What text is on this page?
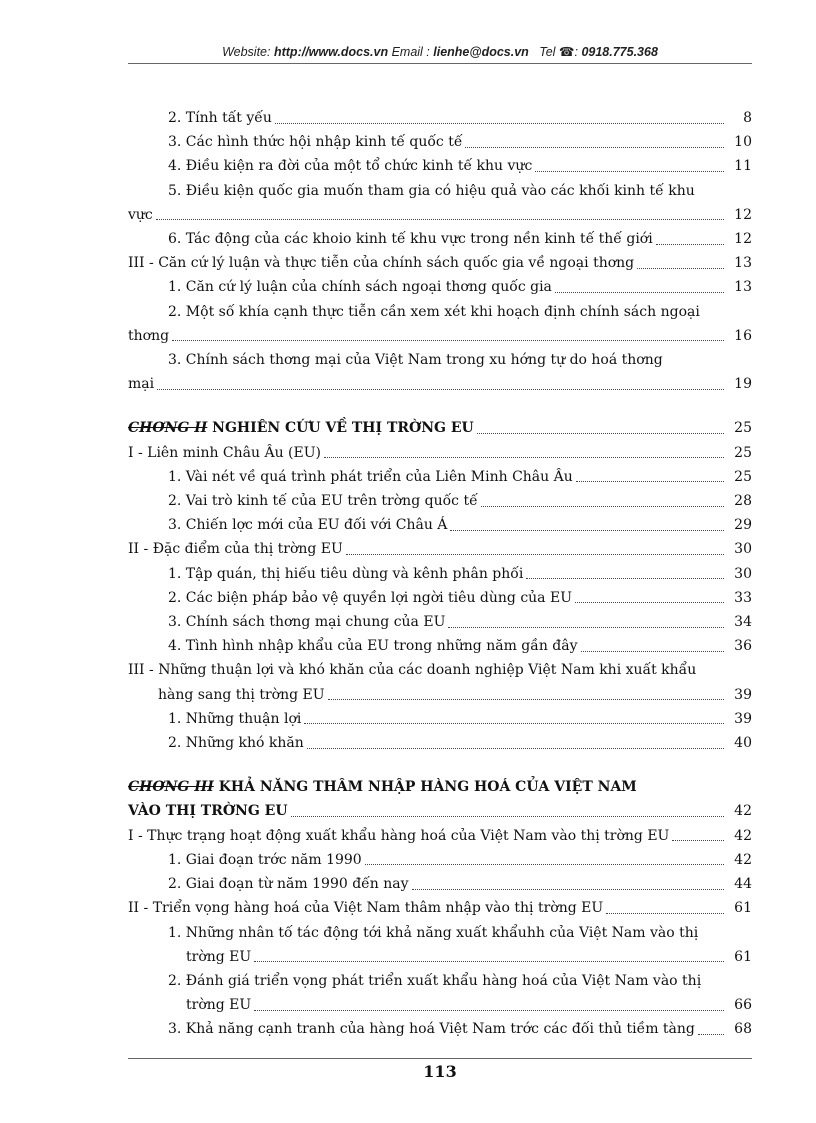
Website: http://www.docs.vn Email : lienhe@docs.vn Tel ☎: 0918.775.368
2. Tính tất yếu	8
3. Các hình thức hội nhập kinh tế quốc tế	10
4. Điều kiện ra đời của một tổ chức kinh tế khu vực	11
5. Điều kiện quốc gia muốn tham gia có hiệu quả vào các khối kinh tế khu
vực	12
6. Tác động của các khoio kinh tế khu vực trong nền kinh tế thế giới	12
III - Căn cứ lý luận và thực tiễn của chính sách quốc gia về ngoại thơng	13
1. Căn cứ lý luận của chính sách ngoại thơng quốc gia	13
2. Một số khía cạnh thực tiễn cần xem xét khi hoạch định chính sách ngoại
thơng	16
3. Chính sách thơng mại của Việt Nam trong xu hớng tự do hoá thơng
mại	19
CHƠNG II NGHIÊN CỨU VỀ THỊ TRỜNG EU	25
I - Liên minh Châu Âu (EU)	25
1. Vài nét về quá trình phát triển của Liên Minh Châu Âu	25
2. Vai trò kinh tế của EU trên trờng quốc tế	28
3. Chiến lợc mới của EU đối với Châu Á	29
II - Đặc điểm của thị trờng EU	30
1. Tập quán, thị hiếu tiêu dùng và kênh phân phối	30
2. Các biện pháp bảo vệ quyền lợi ngời tiêu dùng của EU	33
3. Chính sách thơng mại chung của EU	34
4. Tình hình nhập khẩu của EU trong những năm gần đây	36
III - Những thuận lợi và khó khăn của các doanh nghiệp Việt Nam khi xuất khẩu
hàng sang thị trờng EU	39
1. Những thuận lợi	39
2. Những khó khăn	40
CHƠNG III KHẢ NĂNG THÂM NHẬP HÀNG HOÁ CỦA VIỆT NAM
VÀO THỊ TRỜNG EU	42
I - Thực trạng hoạt động xuất khẩu hàng hoá của Việt Nam vào thị trờng EU	42
1. Giai đoạn trớc năm 1990	42
2. Giai đoạn từ năm 1990 đến nay	44
II - Triển vọng hàng hoá của Việt Nam thâm nhập vào thị trờng EU	61
1. Những nhân tố tác động tới khả năng xuất khẩuhh của Việt Nam vào thị
trờng EU	61
2. Đánh giá triển vọng phát triển xuất khẩu hàng hoá của Việt Nam vào thị
trờng EU	66
3. Khả năng cạnh tranh của hàng hoá Việt Nam trớc các đối thủ tiềm tàng	68
113
